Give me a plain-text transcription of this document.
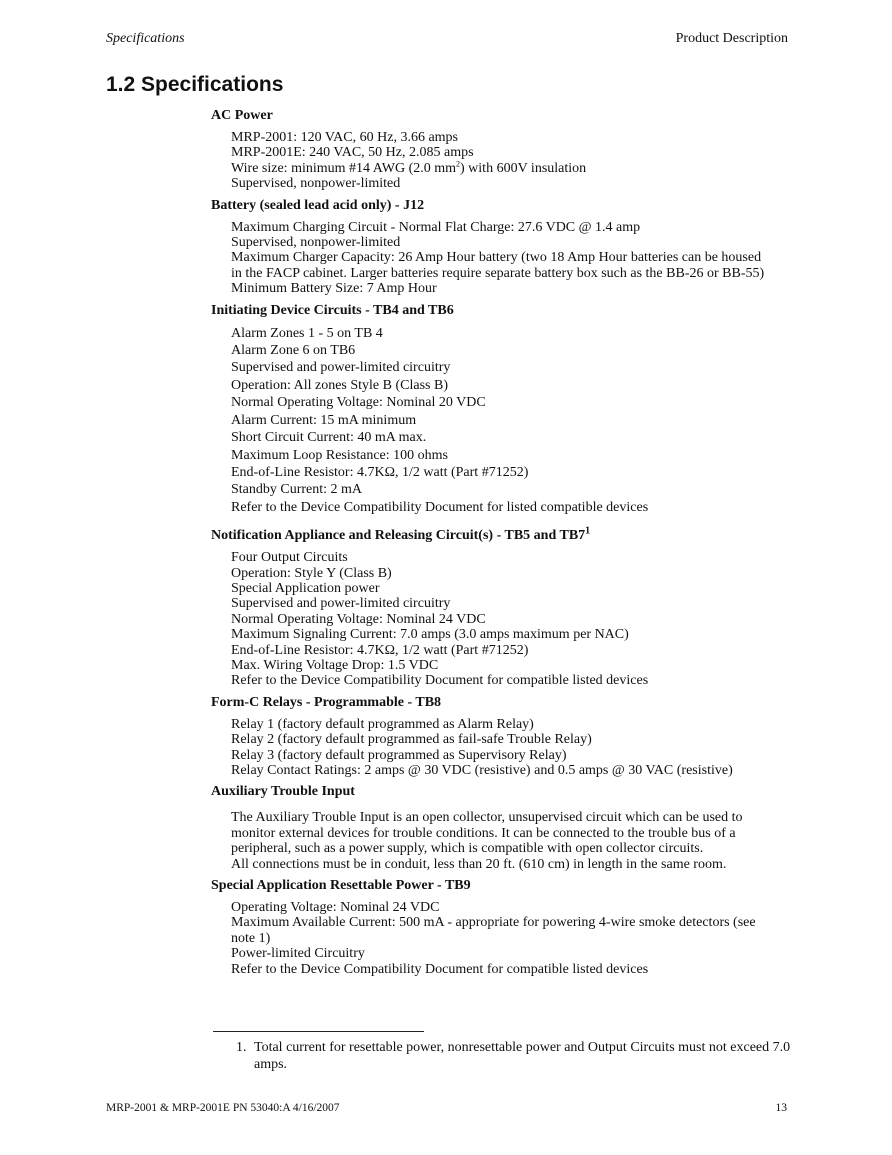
Specifications	Product Description
1.2 Specifications

AC Power

MRP-2001: 120 VAC, 60 Hz, 3.66 amps
MRP-2001E: 240 VAC, 50 Hz, 2.085 amps
Wire size: minimum #14 AWG (2.0 $mm^2$) with 600V insulation
Supervised, nonpower-limited

Battery (sealed lead acid only) - J12

Maximum Charging Circuit - Normal Flat Charge: 27.6 VDC @ 1.4 amp
Supervised, nonpower-limited
Maximum Charger Capacity: 26 Amp Hour battery (two 18 Amp Hour batteries can be housed
in the FACP cabinet. Larger batteries require separate battery box such as the BB-26 or BB-55)
Minimum Battery Size: 7 Amp Hour

Initiating Device Circuits - TB4 and TB6

Alarm Zones 1 - 5 on TB 4
Alarm Zone 6 on TB6
Supervised and power-limited circuitry
Operation: All zones Style B (Class B)
Normal Operating Voltage: Nominal 20 VDC
Alarm Current: 15 mA minimum
Short Circuit Current: 40 mA max.
Maximum Loop Resistance: 100 ohms
End-of-Line Resistor: 4.7KΩ, 1/2 watt (Part #71252)
Standby Current: 2 mA
Refer to the Device Compatibility Document for listed compatible devices

Notification Appliance and Releasing Circuit(s) - TB5 and $TB7^1$

Four Output Circuits
Operation: Style Y (Class B)
Special Application power
Supervised and power-limited circuitry
Normal Operating Voltage: Nominal 24 VDC
Maximum Signaling Current: 7.0 amps (3.0 amps maximum per NAC)
End-of-Line Resistor: 4.7KΩ, 1/2 watt (Part #71252)
Max. Wiring Voltage Drop: 1.5 VDC
Refer to the Device Compatibility Document for compatible listed devices

Form-C Relays - Programmable - TB8

Relay 1 (factory default programmed as Alarm Relay)
Relay 2 (factory default programmed as fail-safe Trouble Relay)
Relay 3 (factory default programmed as Supervisory Relay)
Relay Contact Ratings: 2 amps @ 30 VDC (resistive) and 0.5 amps @ 30 VAC (resistive)

Auxiliary Trouble Input

The Auxiliary Trouble Input is an open collector, unsupervised circuit which can be used to
monitor external devices for trouble conditions. It can be connected to the trouble bus of a
peripheral, such as a power supply, which is compatible with open collector circuits.
All connections must be in conduit, less than 20 ft. (610 cm) in length in the same room.

Special Application Resettable Power - TB9

Operating Voltage: Nominal 24 VDC
Maximum Available Current: 500 mA - appropriate for powering 4-wire smoke detectors (see
note 1)
Power-limited Circuitry
Refer to the Device Compatibility Document for compatible listed devices
1. Total current for resettable power, nonresettable power and Output Circuits must not exceed 7.0 amps.
MRP-2001 & MRP-2001E PN 53040:A 4/16/2007	13
